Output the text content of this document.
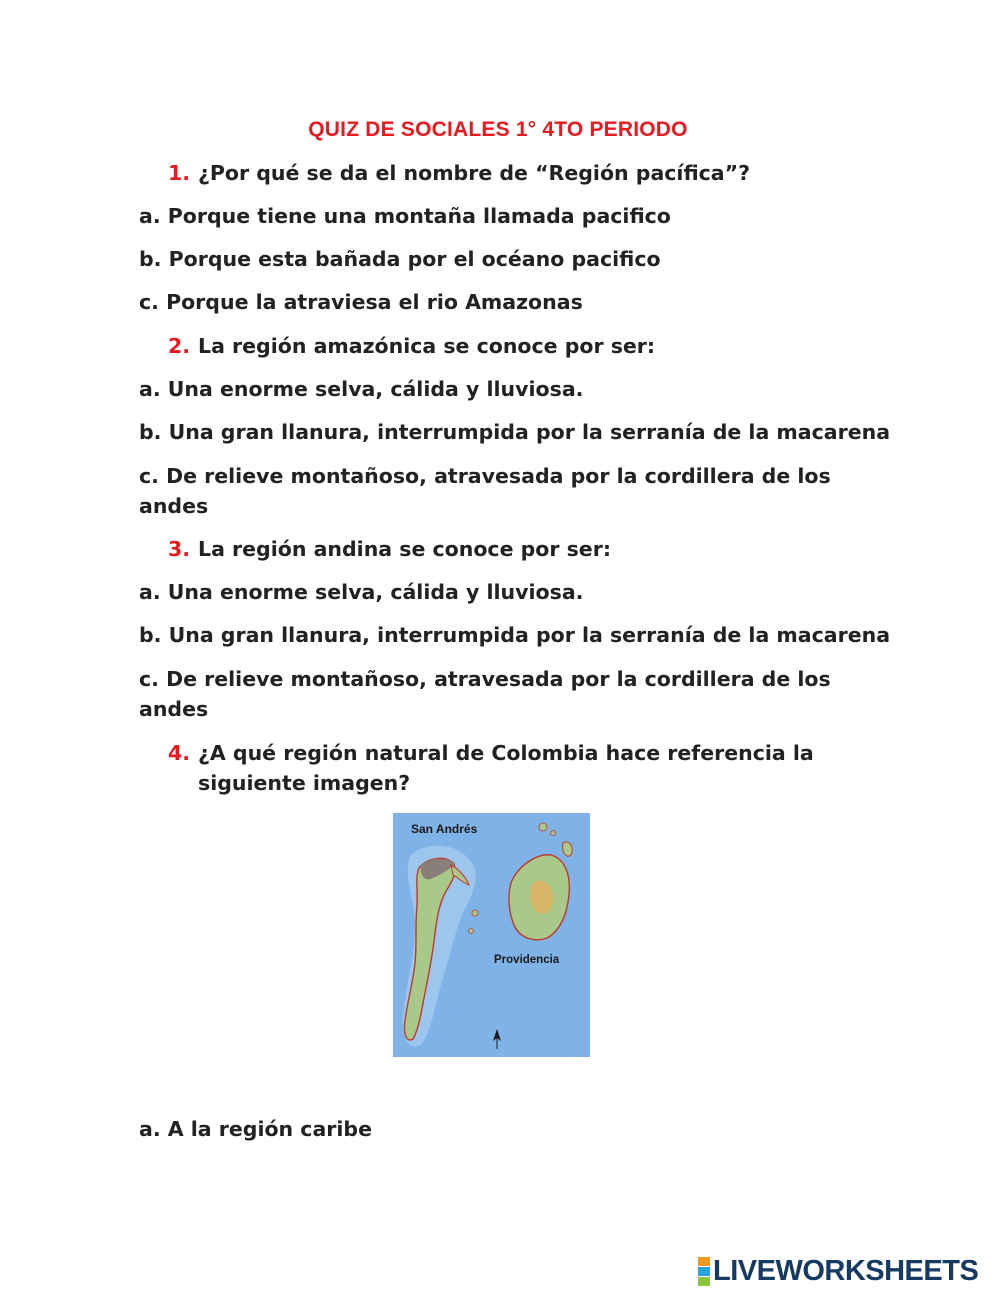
QUIZ DE SOCIALES 1° 4TO PERIODO
1. ¿Por qué se da el nombre de “Región pacífica”?
a. Porque tiene una montaña llamada pacifico
b. Porque esta bañada por el océano pacifico
c. Porque la atraviesa el rio Amazonas
2. La región amazónica se conoce por ser:
a. Una enorme selva, cálida y lluviosa.
b. Una gran llanura, interrumpida por la serranía de la macarena
c. De relieve montañoso, atravesada por la cordillera de los andes
3. La región andina se conoce por ser:
a. Una enorme selva, cálida y lluviosa.
b. Una gran llanura, interrumpida por la serranía de la macarena
c. De relieve montañoso, atravesada por la cordillera de los andes
4. ¿A qué región natural de Colombia hace referencia la siguiente imagen?
San Andrés
Providencia
a. A la región caribe
LIVEWORKSHEETS
